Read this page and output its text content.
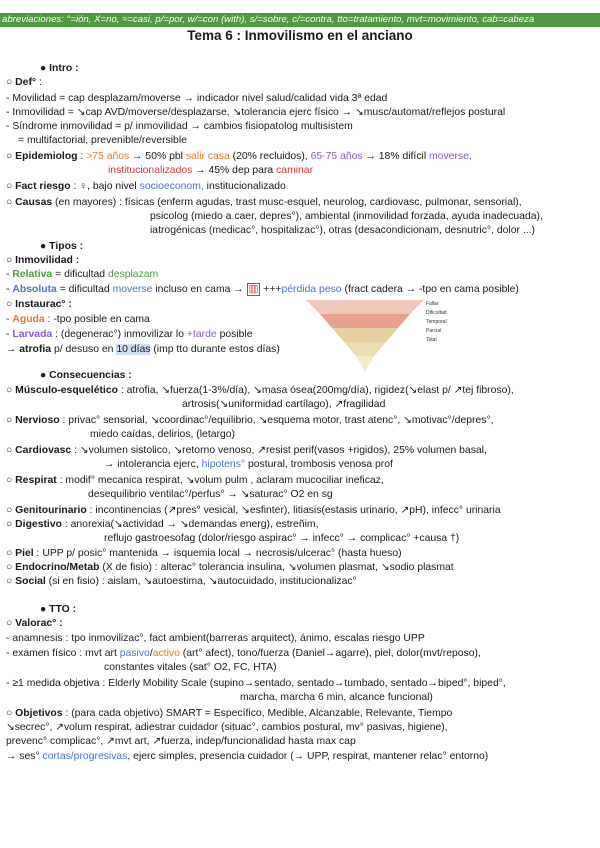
abreviaciones: °=ión, X=no, ≈=casi, p/=por, w/=con (with), s/=sobre, c/=contra, tto=tratamiento, mvt=movimiento, cab=cabeza
Tema 6 : Inmovilismo en el anciano
● Intro :
○ Def° :
- Movilidad = cap desplazam/moverse → indicador nivel salud/calidad vida 3ª edad
- Inmovilidad = ↘cap AVD/moverse/desplazarse, ↘tolerancia ejerc físico → ↘musc/automat/reflejos postural
- Síndrome inmovilidad = p/ inmovilidad → cambios fisiopatolog multisistem
= multifactorial, prevenible/reversible
○ Epidemiolog : >75 años → 50% pbl salir casa (20% recluidos), 65-75 años → 18% difícil moverse,
institucionalizados → 45% dep para caminar
○ Fact riesgo : ♀, bajo nivel socioeconom, institucionalizado
○ Causas (en mayores) : físicas (enferm agudas, trast musc-esquel, neurolog, cardiovasc, pulmonar, sensorial),
psicolog (miedo a caer, depres°), ambiental (inmovilidad forzada, ayuda inadecuada),
iatrogénicas (medicac°, hospitalizac°), otras (desacondicionam, desnutric°, dolor ...)
● Tipos :
○ Inmovilidad :
- Relativa = dificultad desplazam
- Absoluta = dificultad moverse incluso en cama → ▥ +++pérdida peso (fract cadera → -tpo en cama posible)
○ Instaurac° :
- Aguda : -tpo posible en cama
- Larvada : (degenerac°) inmovilizar lo +tarde posible
→ atrofia p/ desuso en 10 días (imp tto durante estos días)
Fallar
Dificultad
Temporal
Parcial
Total
● Consecuencias :
○ Músculo-esquelético : atrofia, ↘fuerza(1-3%/día), ↘masa ósea(200mg/día), rigidez(↘elast p/ ↗tej fibroso),
artrosis(↘uniformidad cartílago), ↗fragilidad
○ Nervioso : privac° sensorial, ↘coordinac°/equilibrio, ↘esquema motor, trast atenc°, ↘motivac°/depres°,
miedo caídas, delirios, (letargo)
○ Cardiovasc : ↘volumen sistolico, ↘retorno venoso, ↗resist perif(vasos +rigidos), 25% volumen basal,
→ intolerancia ejerc, hipotens° postural, trombosis venosa prof
○ Respirat : modif° mecanica respirat, ↘volum pulm , aclaram mucociliar ineficaz,
desequilibrio ventilac°/perfus° → ↘saturac° O2 en sg
○ Genitourinario : incontinencias (↗pres° vesical, ↘esfinter), litiasis(estasis urinario, ↗pH), infecc° urinaria
○ Digestivo : anorexia(↘actividad → ↘demandas energ), estreñim,
reflujo gastroesofag (dolor/riesgo aspirac° → infecc° → complicac° +causa †)
○ Piel : UPP p/ posic° mantenida → isquemia local → necrosis/ulcerac° (hasta hueso)
○ Endocrino/Metab (X de fisio) : alterac° tolerancia insulina, ↘volumen plasmat, ↘sodio plasmat
○ Social (si en fisio) : aislam, ↘autoestima, ↘autocuidado, institucionalizac°
● TTO :
○ Valorac° :
- anamnesis : tpo inmovilizac°, fact ambient(barreras arquitect), ánimo, escalas riesgo UPP
- examen físico : mvt art pasivo/activo (art° afect), tono/fuerza (Daniel→agarre), piel, dolor(mvt/reposo),
constantes vitales (sat° O2, FC, HTA)
- ≥1 medida objetiva : Elderly Mobility Scale (supino→sentado, sentado→tumbado, sentado→biped°, biped°,
marcha, marcha 6 min, alcance funcional)
○ Objetivos : (para cada objetivo) SMART = Específico, Medible, Alcanzable, Relevante, Tiempo
↘secrec°, ↗volum respirat, adiestrar cuidador (situac°, cambios postural, mv° pasivas, higiene),
prevenc° complicac°, ↗mvt art, ↗fuerza, indep/funcionalidad hasta max cap
→ ses° cortas/progresivas, ejerc simples, presencia cuidador (→ UPP, respirat, mantener relac° entorno)
